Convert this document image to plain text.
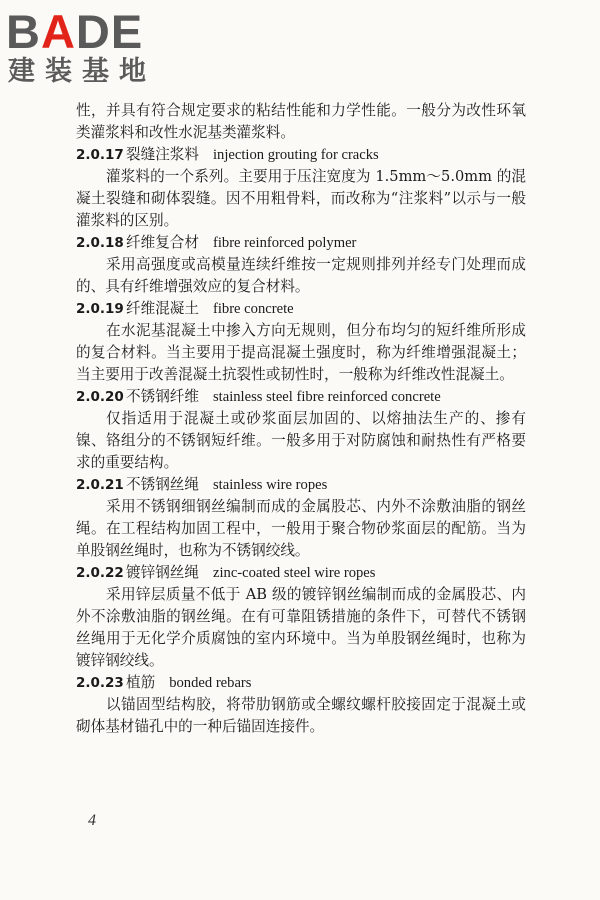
BADE
建装基地

性，并具有符合规定要求的粘结性能和力学性能。一般分为改性环氧类灌浆料和改性水泥基类灌浆料。

2.0.17 裂缝注浆料 injection grouting for cracks

灌浆料的一个系列。主要用于压注宽度为 1.5mm～5.0mm 的混凝土裂缝和砌体裂缝。因不用粗骨料，而改称为“注浆料”以示与一般灌浆料的区别。

2.0.18 纤维复合材 fibre reinforced polymer

采用高强度或高模量连续纤维按一定规则排列并经专门处理而成的、具有纤维增强效应的复合材料。

2.0.19 纤维混凝土 fibre concrete

在水泥基混凝土中掺入方向无规则，但分布均匀的短纤维所形成的复合材料。当主要用于提高混凝土强度时，称为纤维增强混凝土；当主要用于改善混凝土抗裂性或韧性时，一般称为纤维改性混凝土。

2.0.20 不锈钢纤维 stainless steel fibre reinforced concrete

仅指适用于混凝土或砂浆面层加固的、以熔抽法生产的、掺有镍、铬组分的不锈钢短纤维。一般多用于对防腐蚀和耐热性有严格要求的重要结构。

2.0.21 不锈钢丝绳 stainless wire ropes

采用不锈钢细钢丝编制而成的金属股芯、内外不涂敷油脂的钢丝绳。在工程结构加固工程中，一般用于聚合物砂浆面层的配筋。当为单股钢丝绳时，也称为不锈钢绞线。

2.0.22 镀锌钢丝绳 zinc-coated steel wire ropes

采用锌层质量不低于 AB 级的镀锌钢丝编制而成的金属股芯、内外不涂敷油脂的钢丝绳。在有可靠阻锈措施的条件下，可替代不锈钢丝绳用于无化学介质腐蚀的室内环境中。当为单股钢丝绳时，也称为镀锌钢绞线。

2.0.23 植筋 bonded rebars

以锚固型结构胶，将带肋钢筋或全螺纹螺杆胶接固定于混凝土或砌体基材锚孔中的一种后锚固连接件。

4
